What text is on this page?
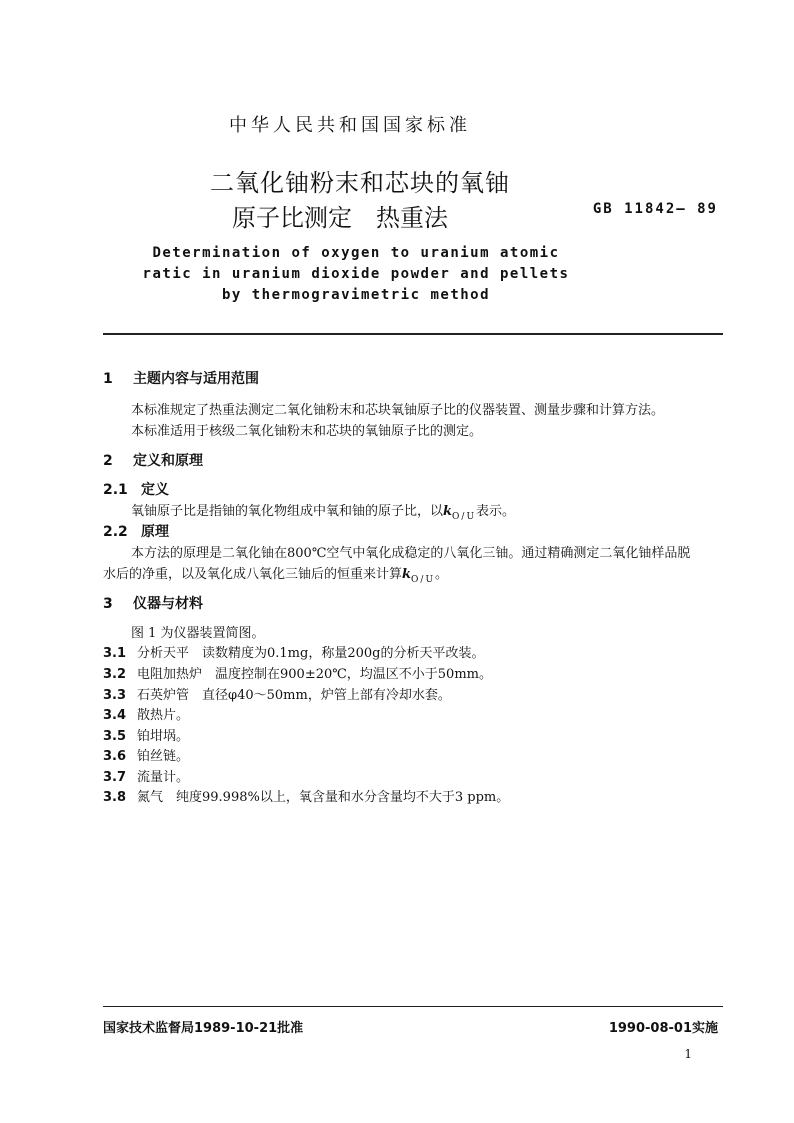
中华人民共和国国家标准
二氧化铀粉末和芯块的氧铀
原子比测定　热重法	GB 11842— 89
Determination of oxygen to uranium atomic
ratic in uranium dioxide powder and pellets
by thermogravimetric method
1 主题内容与适用范围
本标准规定了热重法测定二氧化铀粉末和芯块氧铀原子比的仪器装置、测量步骤和计算方法。
本标准适用于核级二氧化铀粉末和芯块的氧铀原子比的测定。
2 定义和原理
2.1 定义
氧铀原子比是指铀的氧化物组成中氧和铀的原子比，以$k_{O/U}$表示。
2.2 原理
本方法的原理是二氧化铀在800℃空气中氧化成稳定的八氧化三铀。通过精确测定二氧化铀样品脱
水后的净重，以及氧化成八氧化三铀后的恒重来计算$k_{O/U}$。
3 仪器与材料
图 1 为仪器装置简图。
3.1 分析天平　读数精度为0.1mg，称量200g的分析天平改装。
3.2 电阻加热炉　温度控制在900±20℃，均温区不小于50mm。
3.3 石英炉管　直径φ40～50mm，炉管上部有冷却水套。
3.4 散热片。
3.5 铂坩埚。
3.6 铂丝链。
3.7 流量计。
3.8 氮气　纯度99.998%以上，氧含量和水分含量均不大于3 ppm。
国家技术监督局1989-10-21批准	1990-08-01实施
1
